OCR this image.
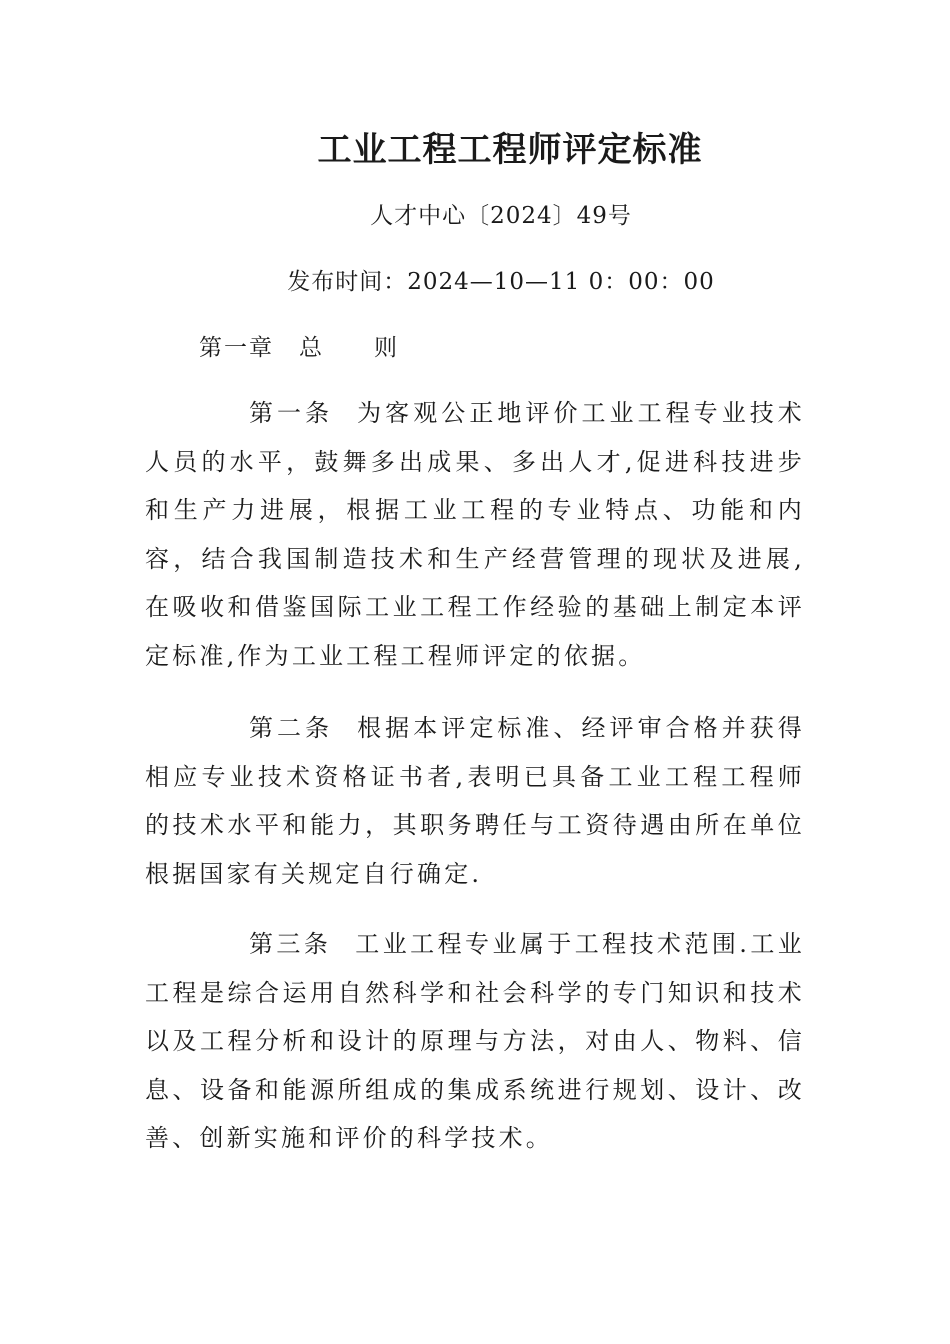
工业工程工程师评定标准
人才中心〔2024〕49号
发布时间：2024—10—11 0：00：00
第一章　总　　则

第一条 为客观公正地评价工业工程专业技术人员的水平，鼓舞多出成果、多出人才,促进科技进步和生产力进展，根据工业工程的专业特点、功能和内容，结合我国制造技术和生产经营管理的现状及进展,在吸收和借鉴国际工业工程工作经验的基础上制定本评定标准,作为工业工程工程师评定的依据。

第二条 根据本评定标准、经评审合格并获得相应专业技术资格证书者,表明已具备工业工程工程师的技术水平和能力，其职务聘任与工资待遇由所在单位根据国家有关规定自行确定.

第三条 工业工程专业属于工程技术范围.工业工程是综合运用自然科学和社会科学的专门知识和技术以及工程分析和设计的原理与方法，对由人、物料、信息、设备和能源所组成的集成系统进行规划、设计、改善、创新实施和评价的科学技术。
